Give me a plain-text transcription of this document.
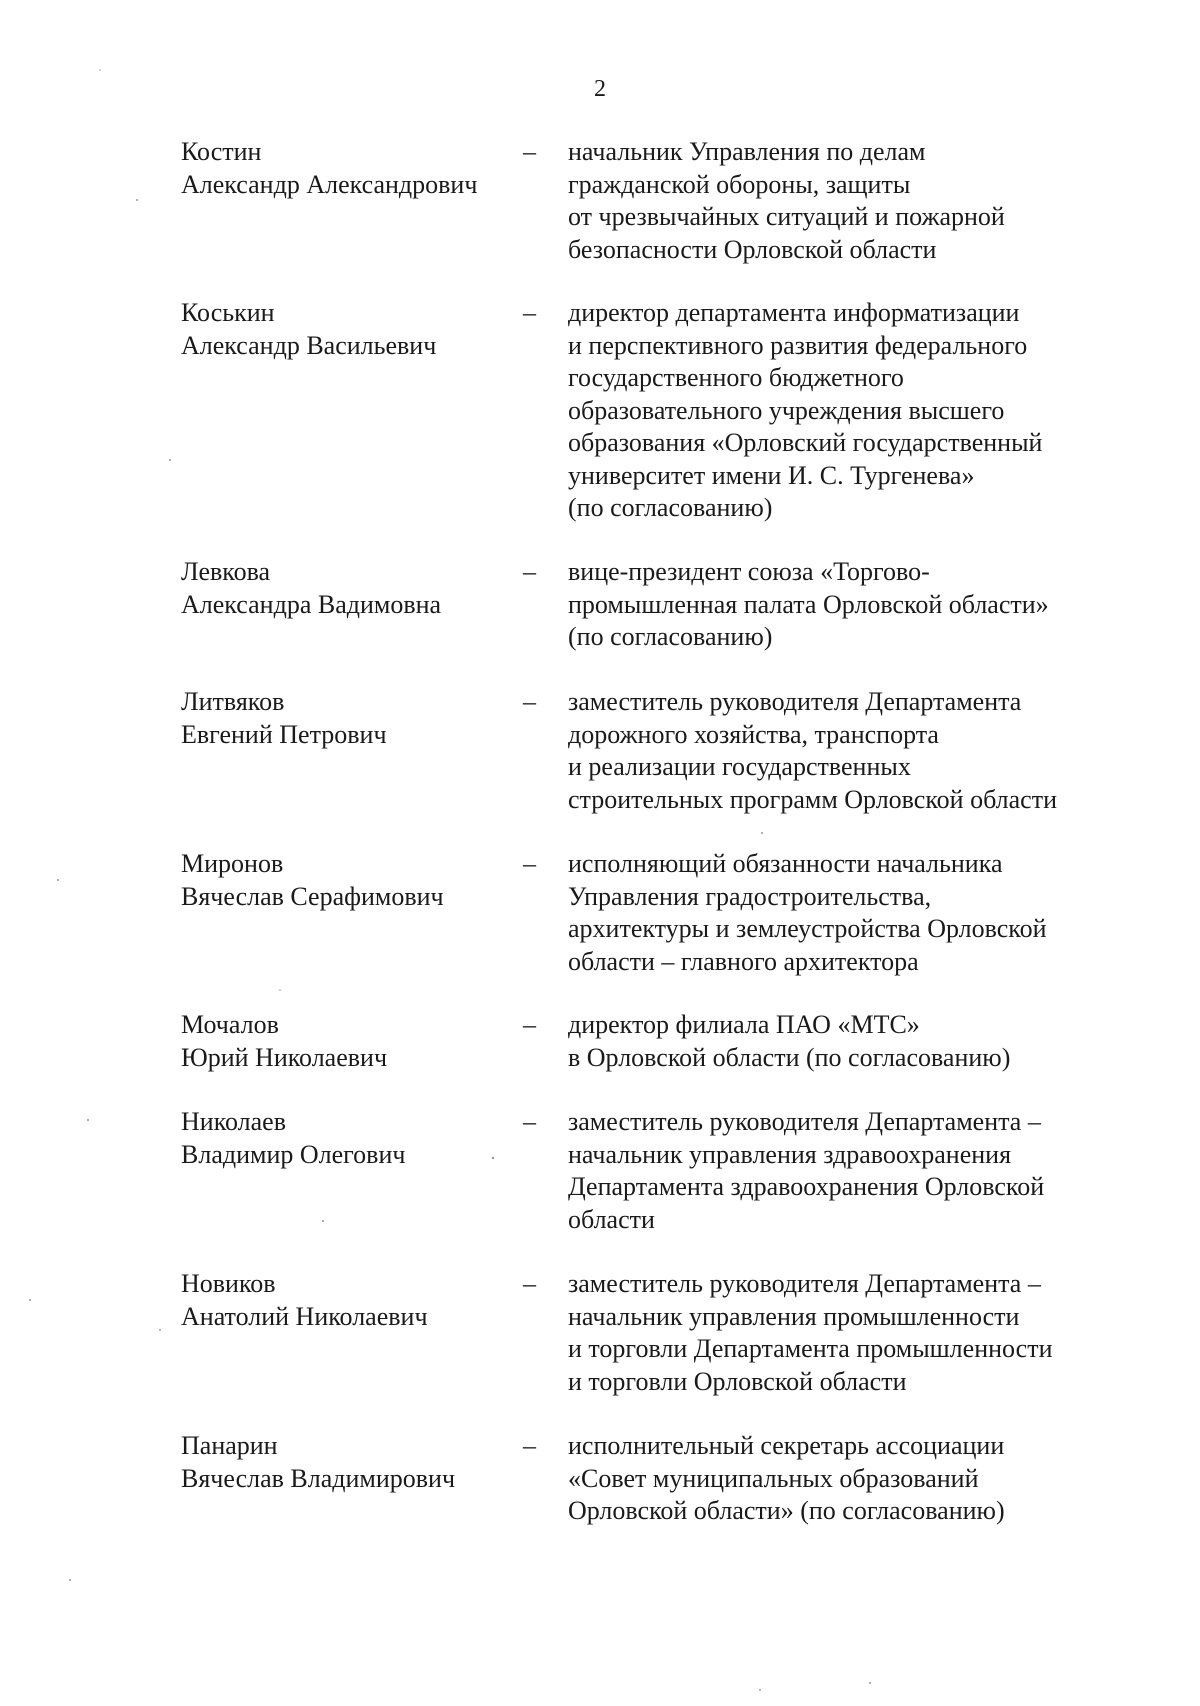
2
Костин
Александр Александрович
–	начальник Управления по делам
гражданской обороны, защиты
от чрезвычайных ситуаций и пожарной
безопасности Орловской области
Коськин
Александр Васильевич
–	директор департамента информатизации
и перспективного развития федерального
государственного бюджетного
образовательного учреждения высшего
образования «Орловский государственный
университет имени И. С. Тургенева»
(по согласованию)
Левкова
Александра Вадимовна
–	вице-президент союза «Торгово-
промышленная палата Орловской области»
(по согласованию)
Литвяков
Евгений Петрович
–	заместитель руководителя Департамента
дорожного хозяйства, транспорта
и реализации государственных
строительных программ Орловской области
Миронов
Вячеслав Серафимович
–	исполняющий обязанности начальника
Управления градостроительства,
архитектуры и землеустройства Орловской
области – главного архитектора
Мочалов
Юрий Николаевич
–	директор филиала ПАО «МТС»
в Орловской области (по согласованию)
Николаев
Владимир Олегович
–	заместитель руководителя Департамента –
начальник управления здравоохранения
Департамента здравоохранения Орловской
области
Новиков
Анатолий Николаевич
–	заместитель руководителя Департамента –
начальник управления промышленности
и торговли Департамента промышленности
и торговли Орловской области
Панарин
Вячеслав Владимирович
–	исполнительный секретарь ассоциации
«Совет муниципальных образований
Орловской области» (по согласованию)
